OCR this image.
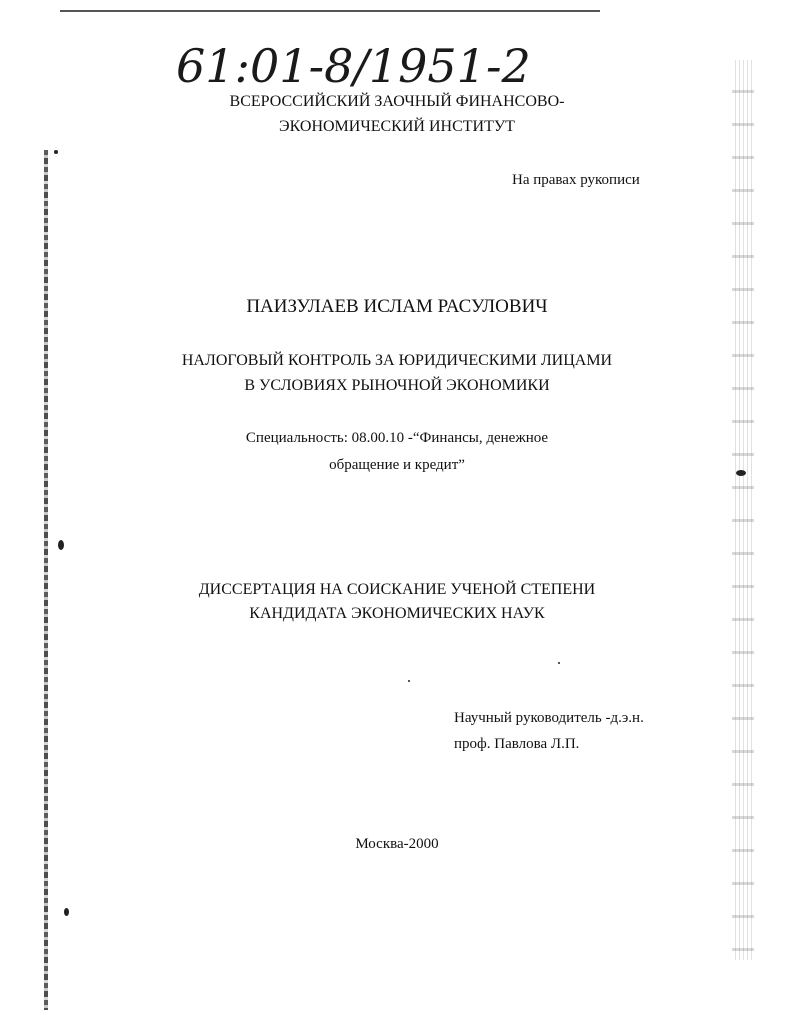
61:01-8/1951-2
ВСЕРОССИЙСКИЙ ЗАОЧНЫЙ ФИНАНСОВО-
ЭКОНОМИЧЕСКИЙ ИНСТИТУТ
На правах рукописи
ПАИЗУЛАЕВ ИСЛАМ РАСУЛОВИЧ
НАЛОГОВЫЙ КОНТРОЛЬ ЗА ЮРИДИЧЕСКИМИ ЛИЦАМИ
В УСЛОВИЯХ РЫНОЧНОЙ ЭКОНОМИКИ
Специальность: 08.00.10 -“Финансы, денежное
обращение и кредит”
ДИССЕРТАЦИЯ НА СОИСКАНИЕ УЧЕНОЙ СТЕПЕНИ
КАНДИДАТА ЭКОНОМИЧЕСКИХ НАУК
Научный руководитель -д.э.н.
проф. Павлова Л.П.
Москва-2000
